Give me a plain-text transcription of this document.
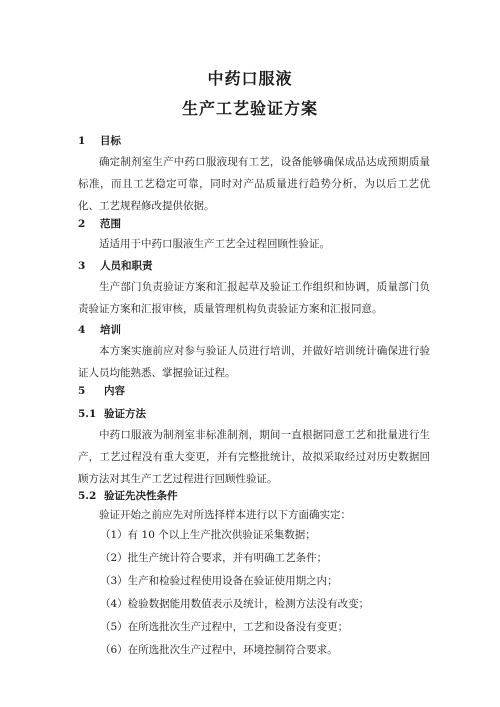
中药口服液
生产工艺验证方案
1 目标

确定制剂室生产中药口服液现有工艺，设备能够确保成品达成预期质量标准，而且工艺稳定可靠，同时对产品质量进行趋势分析，为以后工艺优化、工艺规程修改提供依据。

2 范围

适适用于中药口服液生产工艺全过程回顾性验证。

3 人员和职责

生产部门负责验证方案和汇报起草及验证工作组织和协调，质量部门负责验证方案和汇报审核，质量管理机构负责验证方案和汇报同意。

4 培训

本方案实施前应对参与验证人员进行培训，并做好培训统计确保进行验证人员均能熟悉、掌握验证过程。

5 内容
5.1 验证方法

中药口服液为制剂室非标准制剂，期间一直根据同意工艺和批量进行生产，工艺过程没有重大变更，并有完整批统计，故拟采取经过对历史数据回顾方法对其生产工艺过程进行回顾性验证。

5.2 验证先决性条件

验证开始之前应先对所选择样本进行以下方面确实定：

（1）有 10 个以上生产批次供验证采集数据；
（2）批生产统计符合要求，并有明确工艺条件；
（3）生产和检验过程使用设备在验证使用期之内；
（4）检验数据能用数值表示及统计，检测方法没有改变；
（5）在所选批次生产过程中，工艺和设备没有变更；
（6）在所选批次生产过程中，环境控制符合要求。
